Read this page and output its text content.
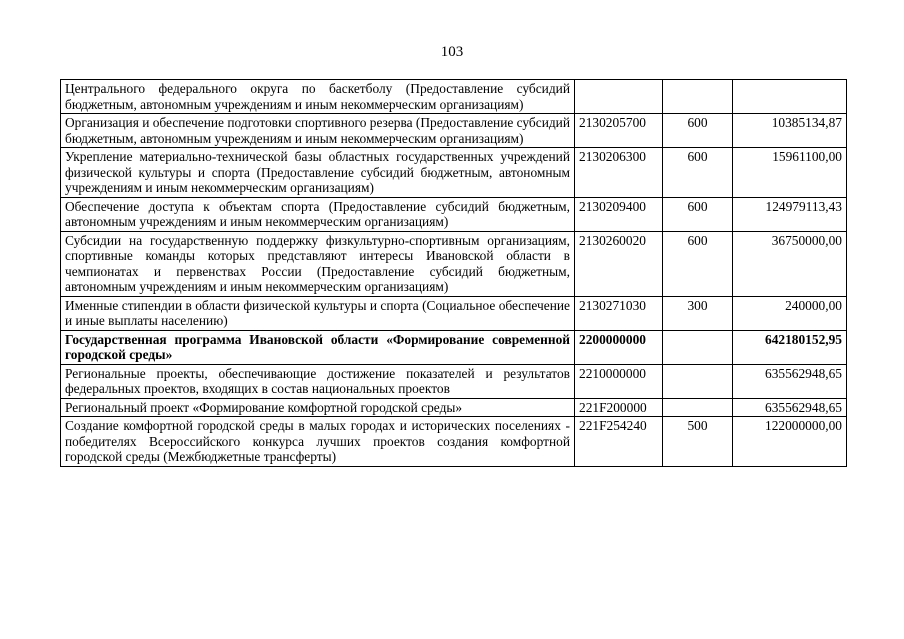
103
Центрального федерального округа по баскетболу (Предоставление субсидий бюджетным, автономным учреждениям и иным некоммерческим организациям)			
Организация и обеспечение подготовки спортивного резерва (Предоставление субсидий бюджетным, автономным учреждениям и иным некоммерческим организациям)	2130205700	600	10385134,87
Укрепление материально-технической базы областных государственных учреждений физической культуры и спорта (Предоставление субсидий бюджетным, автономным учреждениям и иным некоммерческим организациям)	2130206300	600	15961100,00
Обеспечение доступа к объектам спорта (Предоставление субсидий бюджетным, автономным учреждениям и иным некоммерческим организациям)	2130209400	600	124979113,43
Субсидии на государственную поддержку физкультурно-спортивным организациям, спортивные команды которых представляют интересы Ивановской области в чемпионатах и первенствах России (Предоставление субсидий бюджетным, автономным учреждениям и иным некоммерческим организациям)	2130260020	600	36750000,00
Именные стипендии в области физической культуры и спорта (Социальное обеспечение и иные выплаты населению)	2130271030	300	240000,00
Государственная программа Ивановской области «Формирование современной городской среды»	2200000000		642180152,95
Региональные проекты, обеспечивающие достижение показателей и результатов федеральных проектов, входящих в состав национальных проектов	2210000000		635562948,65
Региональный проект «Формирование комфортной городской среды»	221F200000		635562948,65
Создание комфортной городской среды в малых городах и исторических поселениях - победителях Всероссийского конкурса лучших проектов создания комфортной городской среды (Межбюджетные трансферты)	221F254240	500	122000000,00
